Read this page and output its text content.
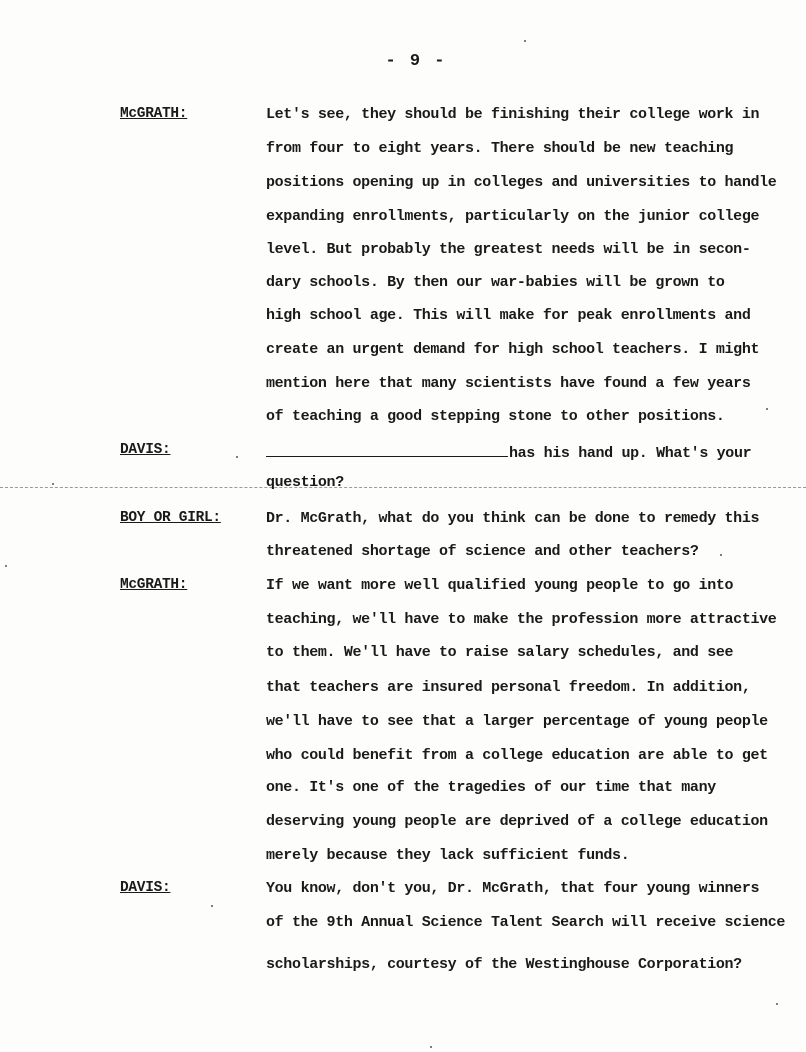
- 9 -
McGRATH:	Let's see, they should be finishing their college work in
from four to eight years. There should be new teaching
positions opening up in colleges and universities to handle
expanding enrollments, particularly on the junior college
level. But probably the greatest needs will be in secon-
dary schools. By then our war-babies will be grown to
high school age. This will make for peak enrollments and
create an urgent demand for high school teachers. I might
mention here that many scientists have found a few years
of teaching a good stepping stone to other positions.
DAVIS:	has his hand up. What's your
question?
BOY OR GIRL:	Dr. McGrath, what do you think can be done to remedy this
threatened shortage of science and other teachers?
McGRATH:	If we want more well qualified young people to go into
teaching, we'll have to make the profession more attractive
to them. We'll have to raise salary schedules, and see
that teachers are insured personal freedom. In addition,
we'll have to see that a larger percentage of young people
who could benefit from a college education are able to get
one. It's one of the tragedies of our time that many
deserving young people are deprived of a college education
merely because they lack sufficient funds.
DAVIS:	You know, don't you, Dr. McGrath, that four young winners
of the 9th Annual Science Talent Search will receive science
scholarships, courtesy of the Westinghouse Corporation?
